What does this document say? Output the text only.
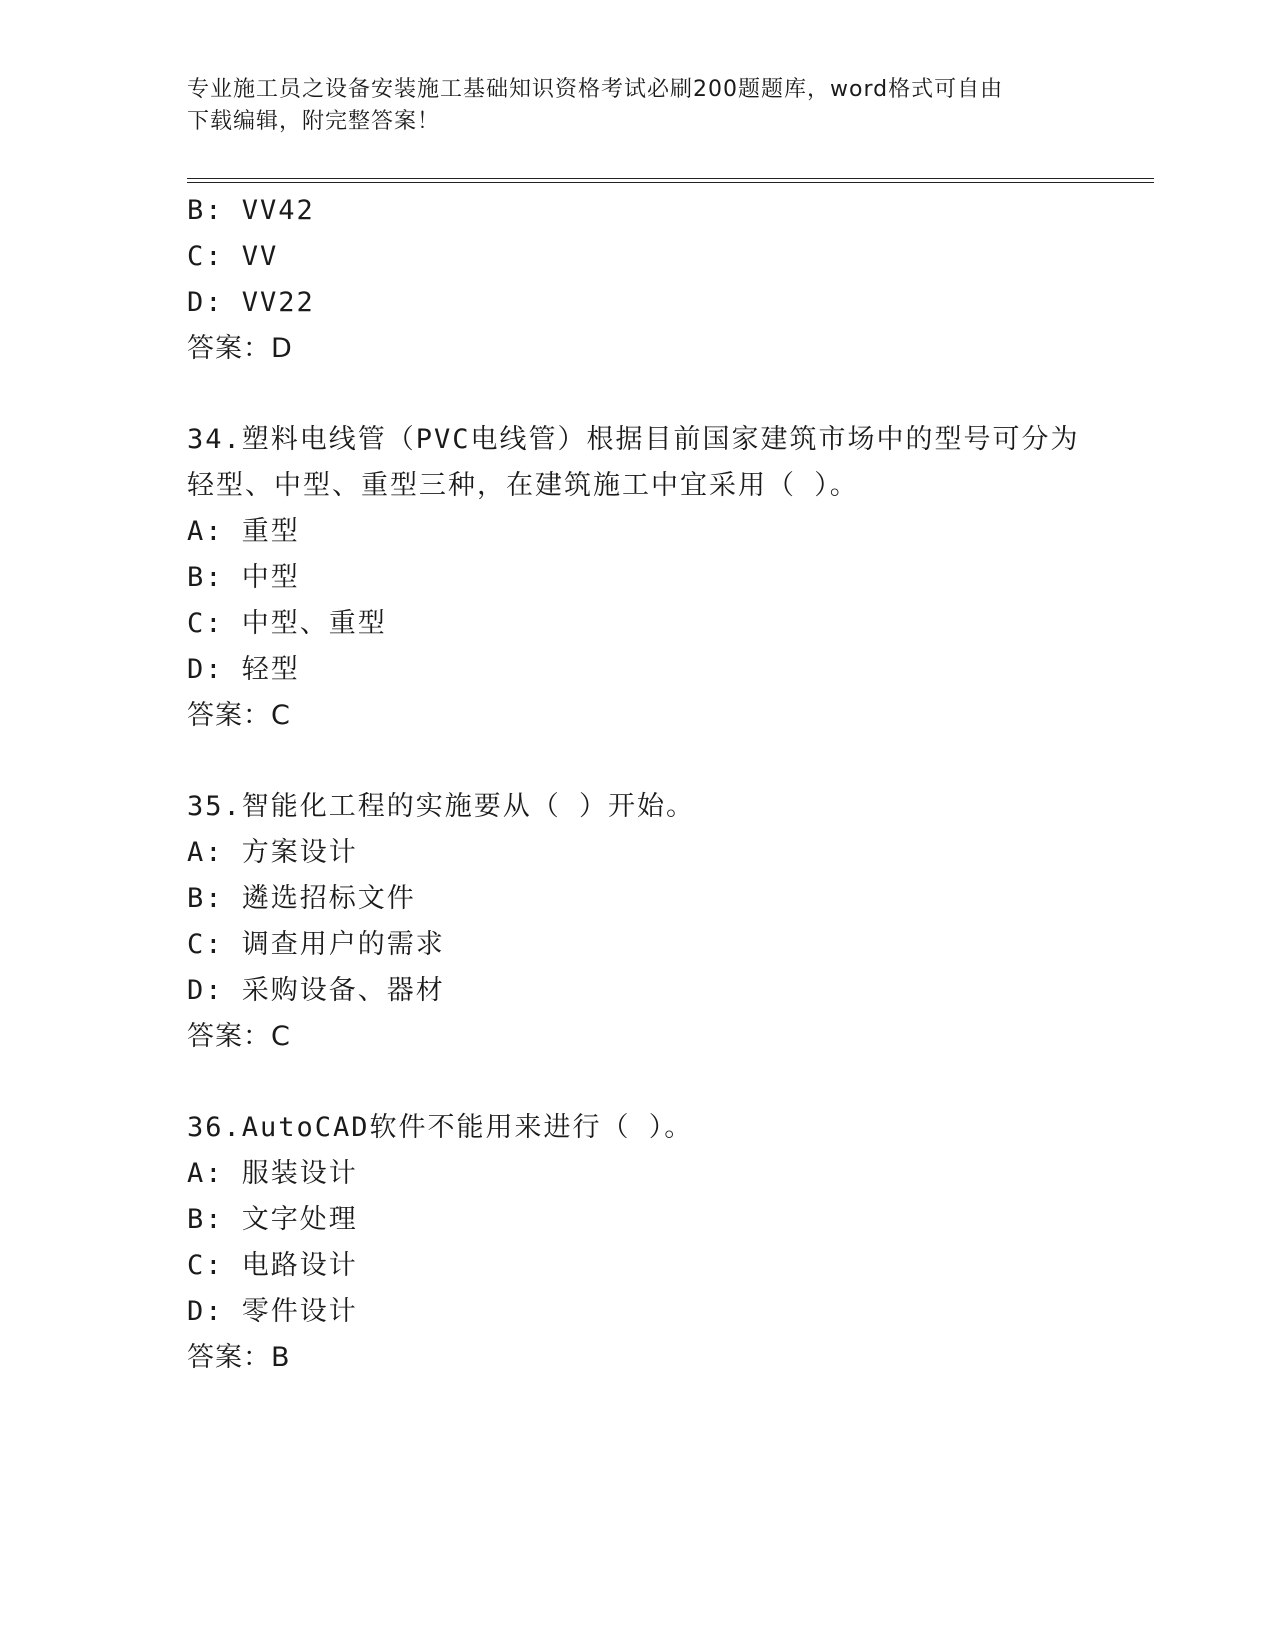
专业施工员之设备安装施工基础知识资格考试必刷200题题库，word格式可自由
下载编辑，附完整答案！
B: VV42
C: VV
D: VV22
答案：D
34.塑料电线管（PVC电线管）根据目前国家建筑市场中的型号可分为
轻型、中型、重型三种，在建筑施工中宜采用（ ）。
A: 重型
B: 中型
C: 中型、重型
D: 轻型
答案：C
35.智能化工程的实施要从（ ）开始。
A: 方案设计
B: 遴选招标文件
C: 调查用户的需求
D: 采购设备、器材
答案：C
36.AutoCAD软件不能用来进行（ ）。
A: 服装设计
B: 文字处理
C: 电路设计
D: 零件设计
答案：B
